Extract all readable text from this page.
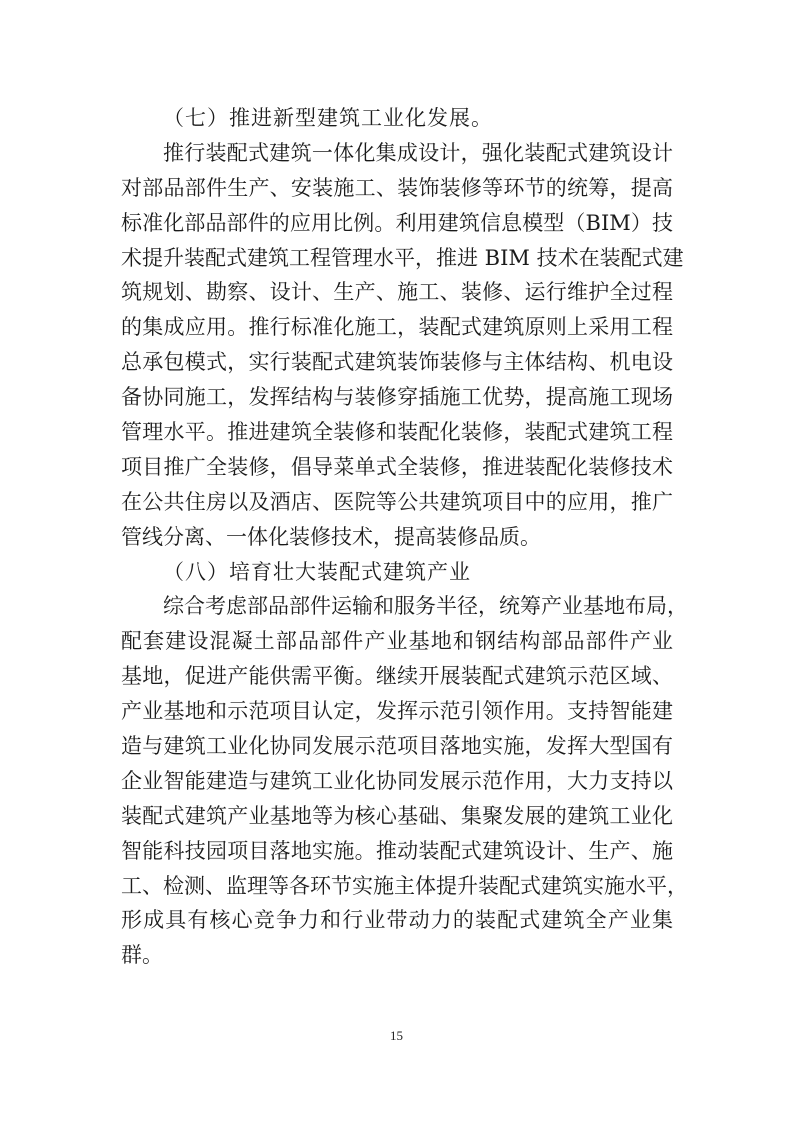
（七）推进新型建筑工业化发展。
推行装配式建筑一体化集成设计，强化装配式建筑设计
对部品部件生产、安装施工、装饰装修等环节的统筹，提高
标准化部品部件的应用比例。利用建筑信息模型（BIM）技
术提升装配式建筑工程管理水平，推进 BIM 技术在装配式建
筑规划、勘察、设计、生产、施工、装修、运行维护全过程
的集成应用。推行标准化施工，装配式建筑原则上采用工程
总承包模式，实行装配式建筑装饰装修与主体结构、机电设
备协同施工，发挥结构与装修穿插施工优势，提高施工现场
管理水平。推进建筑全装修和装配化装修，装配式建筑工程
项目推广全装修，倡导菜单式全装修，推进装配化装修技术
在公共住房以及酒店、医院等公共建筑项目中的应用，推广
管线分离、一体化装修技术，提高装修品质。
（八）培育壮大装配式建筑产业
综合考虑部品部件运输和服务半径，统筹产业基地布局，
配套建设混凝土部品部件产业基地和钢结构部品部件产业
基地，促进产能供需平衡。继续开展装配式建筑示范区域、
产业基地和示范项目认定，发挥示范引领作用。支持智能建
造与建筑工业化协同发展示范项目落地实施，发挥大型国有
企业智能建造与建筑工业化协同发展示范作用，大力支持以
装配式建筑产业基地等为核心基础、集聚发展的建筑工业化
智能科技园项目落地实施。推动装配式建筑设计、生产、施
工、检测、监理等各环节实施主体提升装配式建筑实施水平，
形成具有核心竞争力和行业带动力的装配式建筑全产业集
群。
15
